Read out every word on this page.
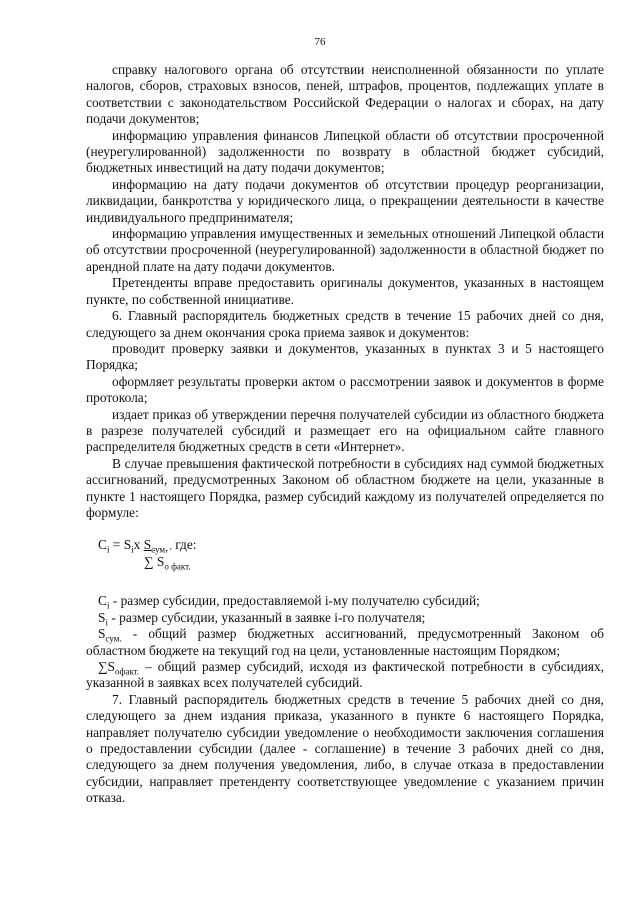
76

справку налогового органа об отсутствии неисполненной обязанности по уплате налогов, сборов, страховых взносов, пеней, штрафов, процентов, подлежащих уплате в соответствии с законодательством Российской Федерации о налогах и сборах, на дату подачи документов;

информацию управления финансов Липецкой области об отсутствии просроченной (неурегулированной) задолженности по возврату в областной бюджет субсидий, бюджетных инвестиций на дату подачи документов;

информацию на дату подачи документов об отсутствии процедур реорганизации, ликвидации, банкротства у юридического лица, о прекращении деятельности в качестве индивидуального предпринимателя;

информацию управления имущественных и земельных отношений Липецкой области об отсутствии просроченной (неурегулированной) задолженности в областной бюджет по арендной плате на дату подачи документов.

Претенденты вправе предоставить оригиналы документов, указанных в настоящем пункте, по собственной инициативе.

6. Главный распорядитель бюджетных средств в течение 15 рабочих дней со дня, следующего за днем окончания срока приема заявок и документов:

проводит проверку заявки и документов, указанных в пунктах 3 и 5 настоящего Порядка;

оформляет результаты проверки актом о рассмотрении заявок и документов в форме протокола;

издает приказ об утверждении перечня получателей субсидии из областного бюджета в разрезе получателей субсидий и размещает его на официальном сайте главного распределителя бюджетных средств в сети «Интернет».

В случае превышения фактической потребности в субсидиях над суммой бюджетных ассигнований, предусмотренных Законом об областном бюджете на цели, указанные в пункте 1 настоящего Порядка, размер субсидий каждому из получателей определяется по формуле:

$C_i = S_ix$ $S_{сум.}$ , где:
∑ $S_{о факт.}$

$C_i$ - размер субсидии, предоставляемой i-му получателю субсидий;

$S_i$ - размер субсидии, указанный в заявке i-го получателя;

$S_{сум.}$ - общий размер бюджетных ассигнований, предусмотренный Законом об областном бюджете на текущий год на цели, установленные настоящим Порядком;

$\sum S_{офакт.}$ – общий размер субсидий, исходя из фактической потребности в субсидиях, указанной в заявках всех получателей субсидий.

7. Главный распорядитель бюджетных средств в течение 5 рабочих дней со дня, следующего за днем издания приказа, указанного в пункте 6 настоящего Порядка, направляет получателю субсидии уведомление о необходимости заключения соглашения о предоставлении субсидии (далее - соглашение) в течение 3 рабочих дней со дня, следующего за днем получения уведомления, либо, в случае отказа в предоставлении субсидии, направляет претенденту соответствующее уведомление с указанием причин отказа.
